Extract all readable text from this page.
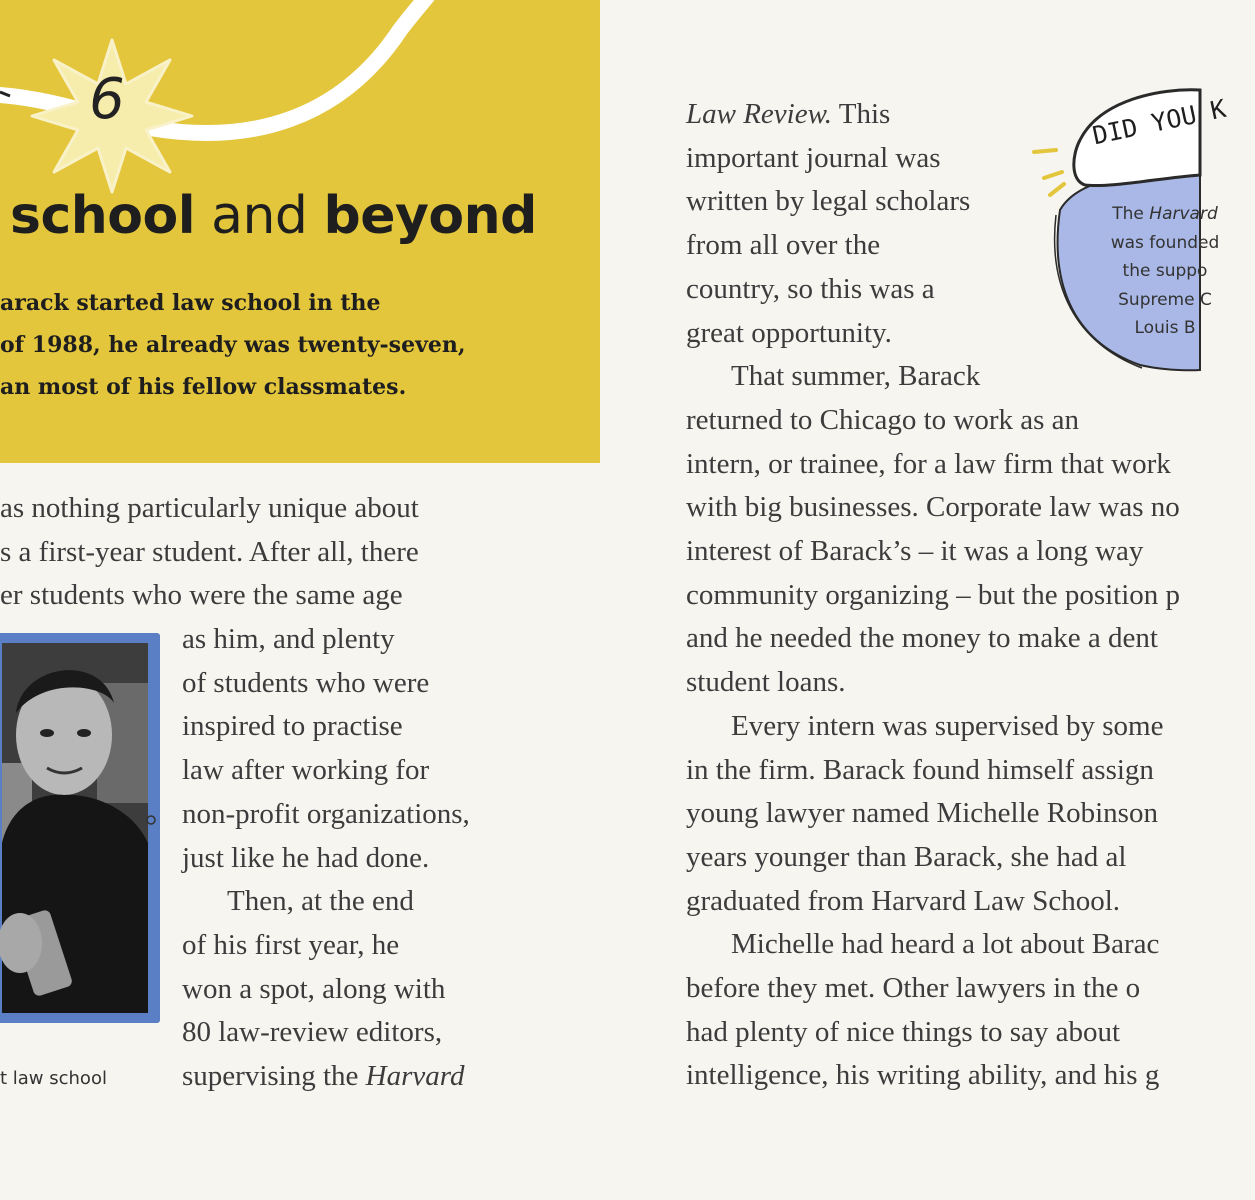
6
school and beyond
arack started law school in the
of 1988, he already was twenty-seven,
an most of his fellow classmates.
as nothing particularly unique about
s a first-year student. After all, there
er students who were the same age
t law school
as him, and plenty
of students who were
inspired to practise
law after working for
non-profit organizations,
just like he had done.
Then, at the end
of his first year, he
won a spot, along with
80 law-review editors,
supervising the Harvard
Law Review. This
important journal was
written by legal scholars
from all over the
country, so this was a
great opportunity.
That summer, Barack
returned to Chicago to work as an
intern, or trainee, for a law firm that work
with big businesses. Corporate law was no
interest of Barack’s – it was a long way
community organizing – but the position p
and he needed the money to make a dent
student loans.
Every intern was supervised by some
in the firm. Barack found himself assign
young lawyer named Michelle Robinson
years younger than Barack, she had al
graduated from Harvard Law School.
Michelle had heard a lot about Barac
before they met. Other lawyers in the o
had plenty of nice things to say about
intelligence, his writing ability, and his g
DID YOU K
The Harvard
was founded
the suppo
Supreme C
Louis B
